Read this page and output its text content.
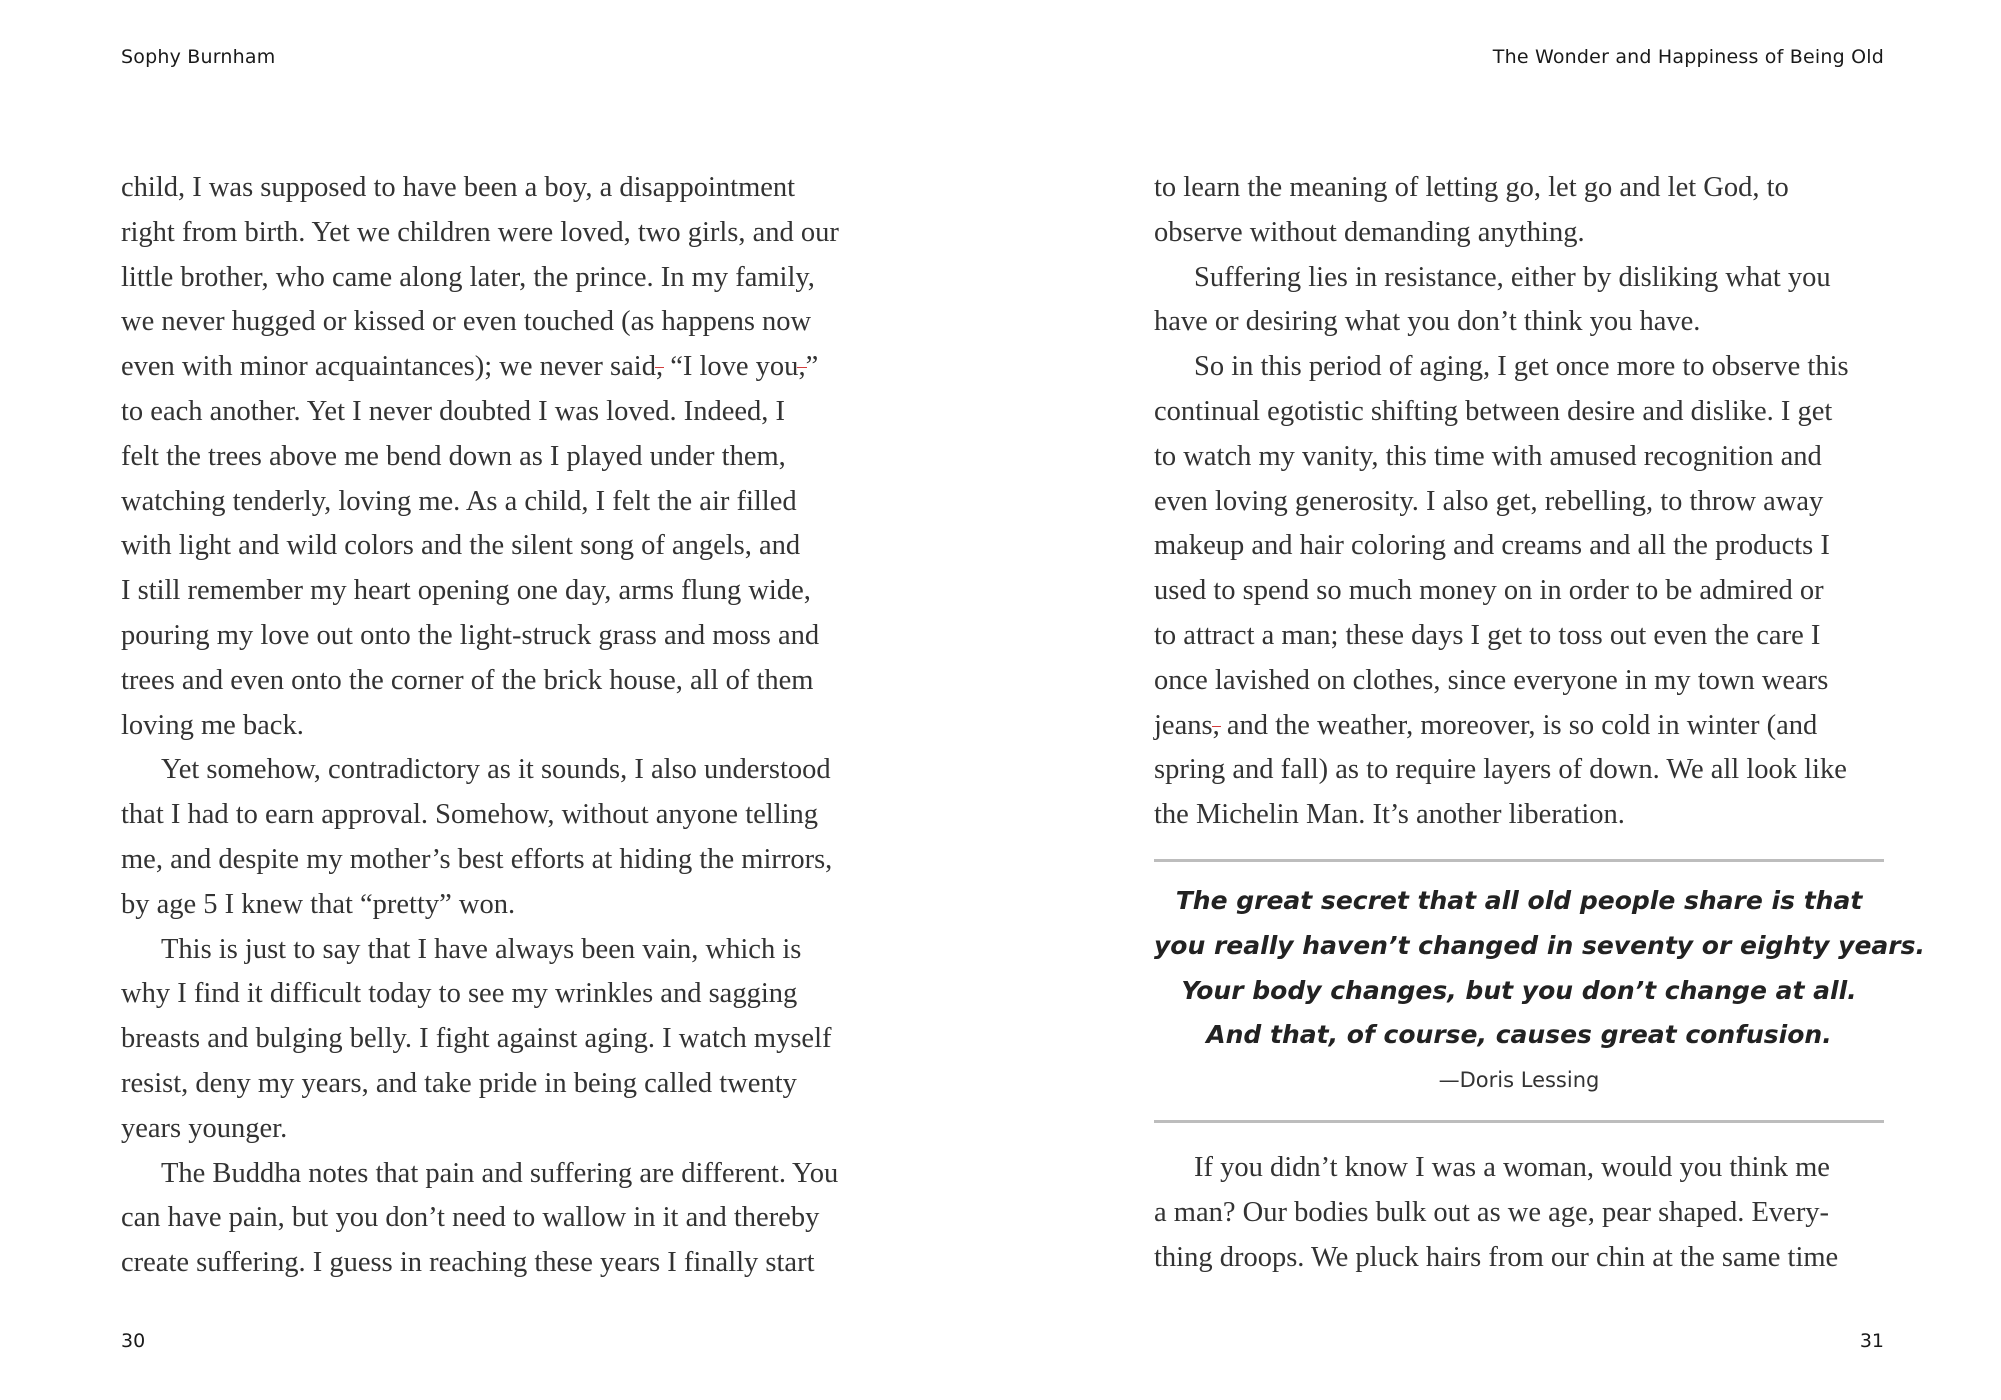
Sophy Burnham
child, I was supposed to have been a boy, a disappointment
right from birth. Yet we children were loved, two girls, and our
little brother, who came along later, the prince. In my family,
we never hugged or kissed or even touched (as happens now
even with minor acquaintances); we never said, “I love you,”
to each another. Yet I never doubted I was loved. Indeed, I
felt the trees above me bend down as I played under them,
watching tenderly, loving me. As a child, I felt the air filled
with light and wild colors and the silent song of angels, and
I still remember my heart opening one day, arms flung wide,
pouring my love out onto the light-struck grass and moss and
trees and even onto the corner of the brick house, all of them
loving me back.
Yet somehow, contradictory as it sounds, I also understood
that I had to earn approval. Somehow, without anyone telling
me, and despite my mother’s best efforts at hiding the mirrors,
by age 5 I knew that “pretty” won.
This is just to say that I have always been vain, which is
why I find it difficult today to see my wrinkles and sagging
breasts and bulging belly. I fight against aging. I watch myself
resist, deny my years, and take pride in being called twenty
years younger.
The Buddha notes that pain and suffering are different. You
can have pain, but you don’t need to wallow in it and thereby
create suffering. I guess in reaching these years I finally start
30
The Wonder and Happiness of Being Old
to learn the meaning of letting go, let go and let God, to
observe without demanding anything.
Suffering lies in resistance, either by disliking what you
have or desiring what you don’t think you have.
So in this period of aging, I get once more to observe this
continual egotistic shifting between desire and dislike. I get
to watch my vanity, this time with amused recognition and
even loving generosity. I also get, rebelling, to throw away
makeup and hair coloring and creams and all the products I
used to spend so much money on in order to be admired or
to attract a man; these days I get to toss out even the care I
once lavished on clothes, since everyone in my town wears
jeans, and the weather, moreover, is so cold in winter (and
spring and fall) as to require layers of down. We all look like
the Michelin Man. It’s another liberation.
The great secret that all old people share is that
you really haven’t changed in seventy or eighty years.
Your body changes, but you don’t change at all.
And that, of course, causes great confusion.
—Doris Lessing
If you didn’t know I was a woman, would you think me
a man? Our bodies bulk out as we age, pear shaped. Every-
thing droops. We pluck hairs from our chin at the same time
31
